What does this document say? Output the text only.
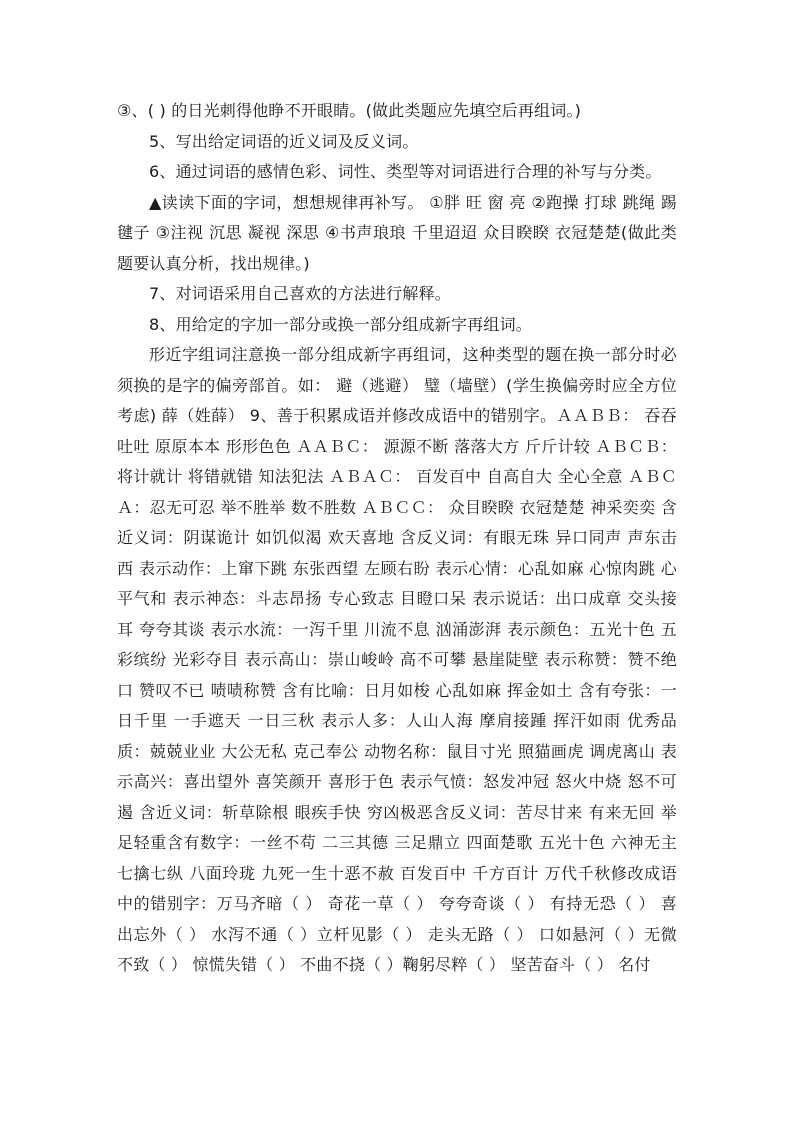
③、( ) 的日光刺得他睁不开眼睛。(做此类题应先填空后再组词。)

5、写出给定词语的近义词及反义词。

6、通过词语的感情色彩、词性、类型等对词语进行合理的补写与分类。

▲读读下面的字词，想想规律再补写。 ①胖 旺 窗 亮 ②跑操 打球 跳绳 踢毽子 ③注视 沉思 凝视 深思 ④书声琅琅 千里迢迢 众目睽睽 衣冠楚楚(做此类题要认真分析，找出规律。)

7、对词语采用自己喜欢的方法进行解释。

8、用给定的字加一部分或换一部分组成新字再组词。

形近字组词注意换一部分组成新字再组词，这种类型的题在换一部分时必须换的是字的偏旁部首。如： 避（逃避） 璧（墙壁）(学生换偏旁时应全方位考虑) 薛（姓薛） 9、善于积累成语并修改成语中的错别字。ＡＡＢＢ： 吞吞吐吐 原原本本 形形色色 ＡＡＢＣ： 源源不断 落落大方 斤斤计较 ＡＢＣＢ： 将计就计 将错就错 知法犯法 ＡＢＡＣ： 百发百中 自高自大 全心全意 ＡＢＣＡ：忍无可忍 举不胜举 数不胜数 ＡＢＣＣ： 众目睽睽 衣冠楚楚 神采奕奕 含近义词：阴谋诡计 如饥似渴 欢天喜地 含反义词：有眼无珠 异口同声 声东击西 表示动作：上窜下跳 东张西望 左顾右盼 表示心情：心乱如麻 心惊肉跳 心平气和 表示神态：斗志昂扬 专心致志 目瞪口呆 表示说话：出口成章 交头接耳 夸夸其谈 表示水流：一泻千里 川流不息 汹涌澎湃 表示颜色：五光十色 五彩缤纷 光彩夺目 表示高山：崇山峻岭 高不可攀 悬崖陡壁 表示称赞：赞不绝口 赞叹不已 啧啧称赞 含有比喻：日月如梭 心乱如麻 挥金如土 含有夸张：一日千里 一手遮天 一日三秋 表示人多：人山人海 摩肩接踵 挥汗如雨 优秀品质：兢兢业业 大公无私 克己奉公 动物名称：鼠目寸光 照猫画虎 调虎离山 表示高兴：喜出望外 喜笑颜开 喜形于色 表示气愤：怒发冲冠 怒火中烧 怒不可遏 含近义词：斩草除根 眼疾手快 穷凶极恶含反义词：苦尽甘来 有来无回 举足轻重含有数字：一丝不苟 二三其德 三足鼎立 四面楚歌 五光十色 六神无主 七擒七纵 八面玲珑 九死一生十恶不赦 百发百中 千方百计 万代千秋修改成语中的错别字：万马齐暗（ ） 奇花一草（ ） 夸夸奇谈（ ） 有持无恐（ ） 喜出忘外（ ） 水泻不通（ ）立杆见影（ ） 走头无路（ ） 口如悬河（ ）无微不致（ ） 惊慌失错（ ） 不曲不挠（ ）鞠躬尽粹（ ） 坚苦奋斗（ ） 名付
